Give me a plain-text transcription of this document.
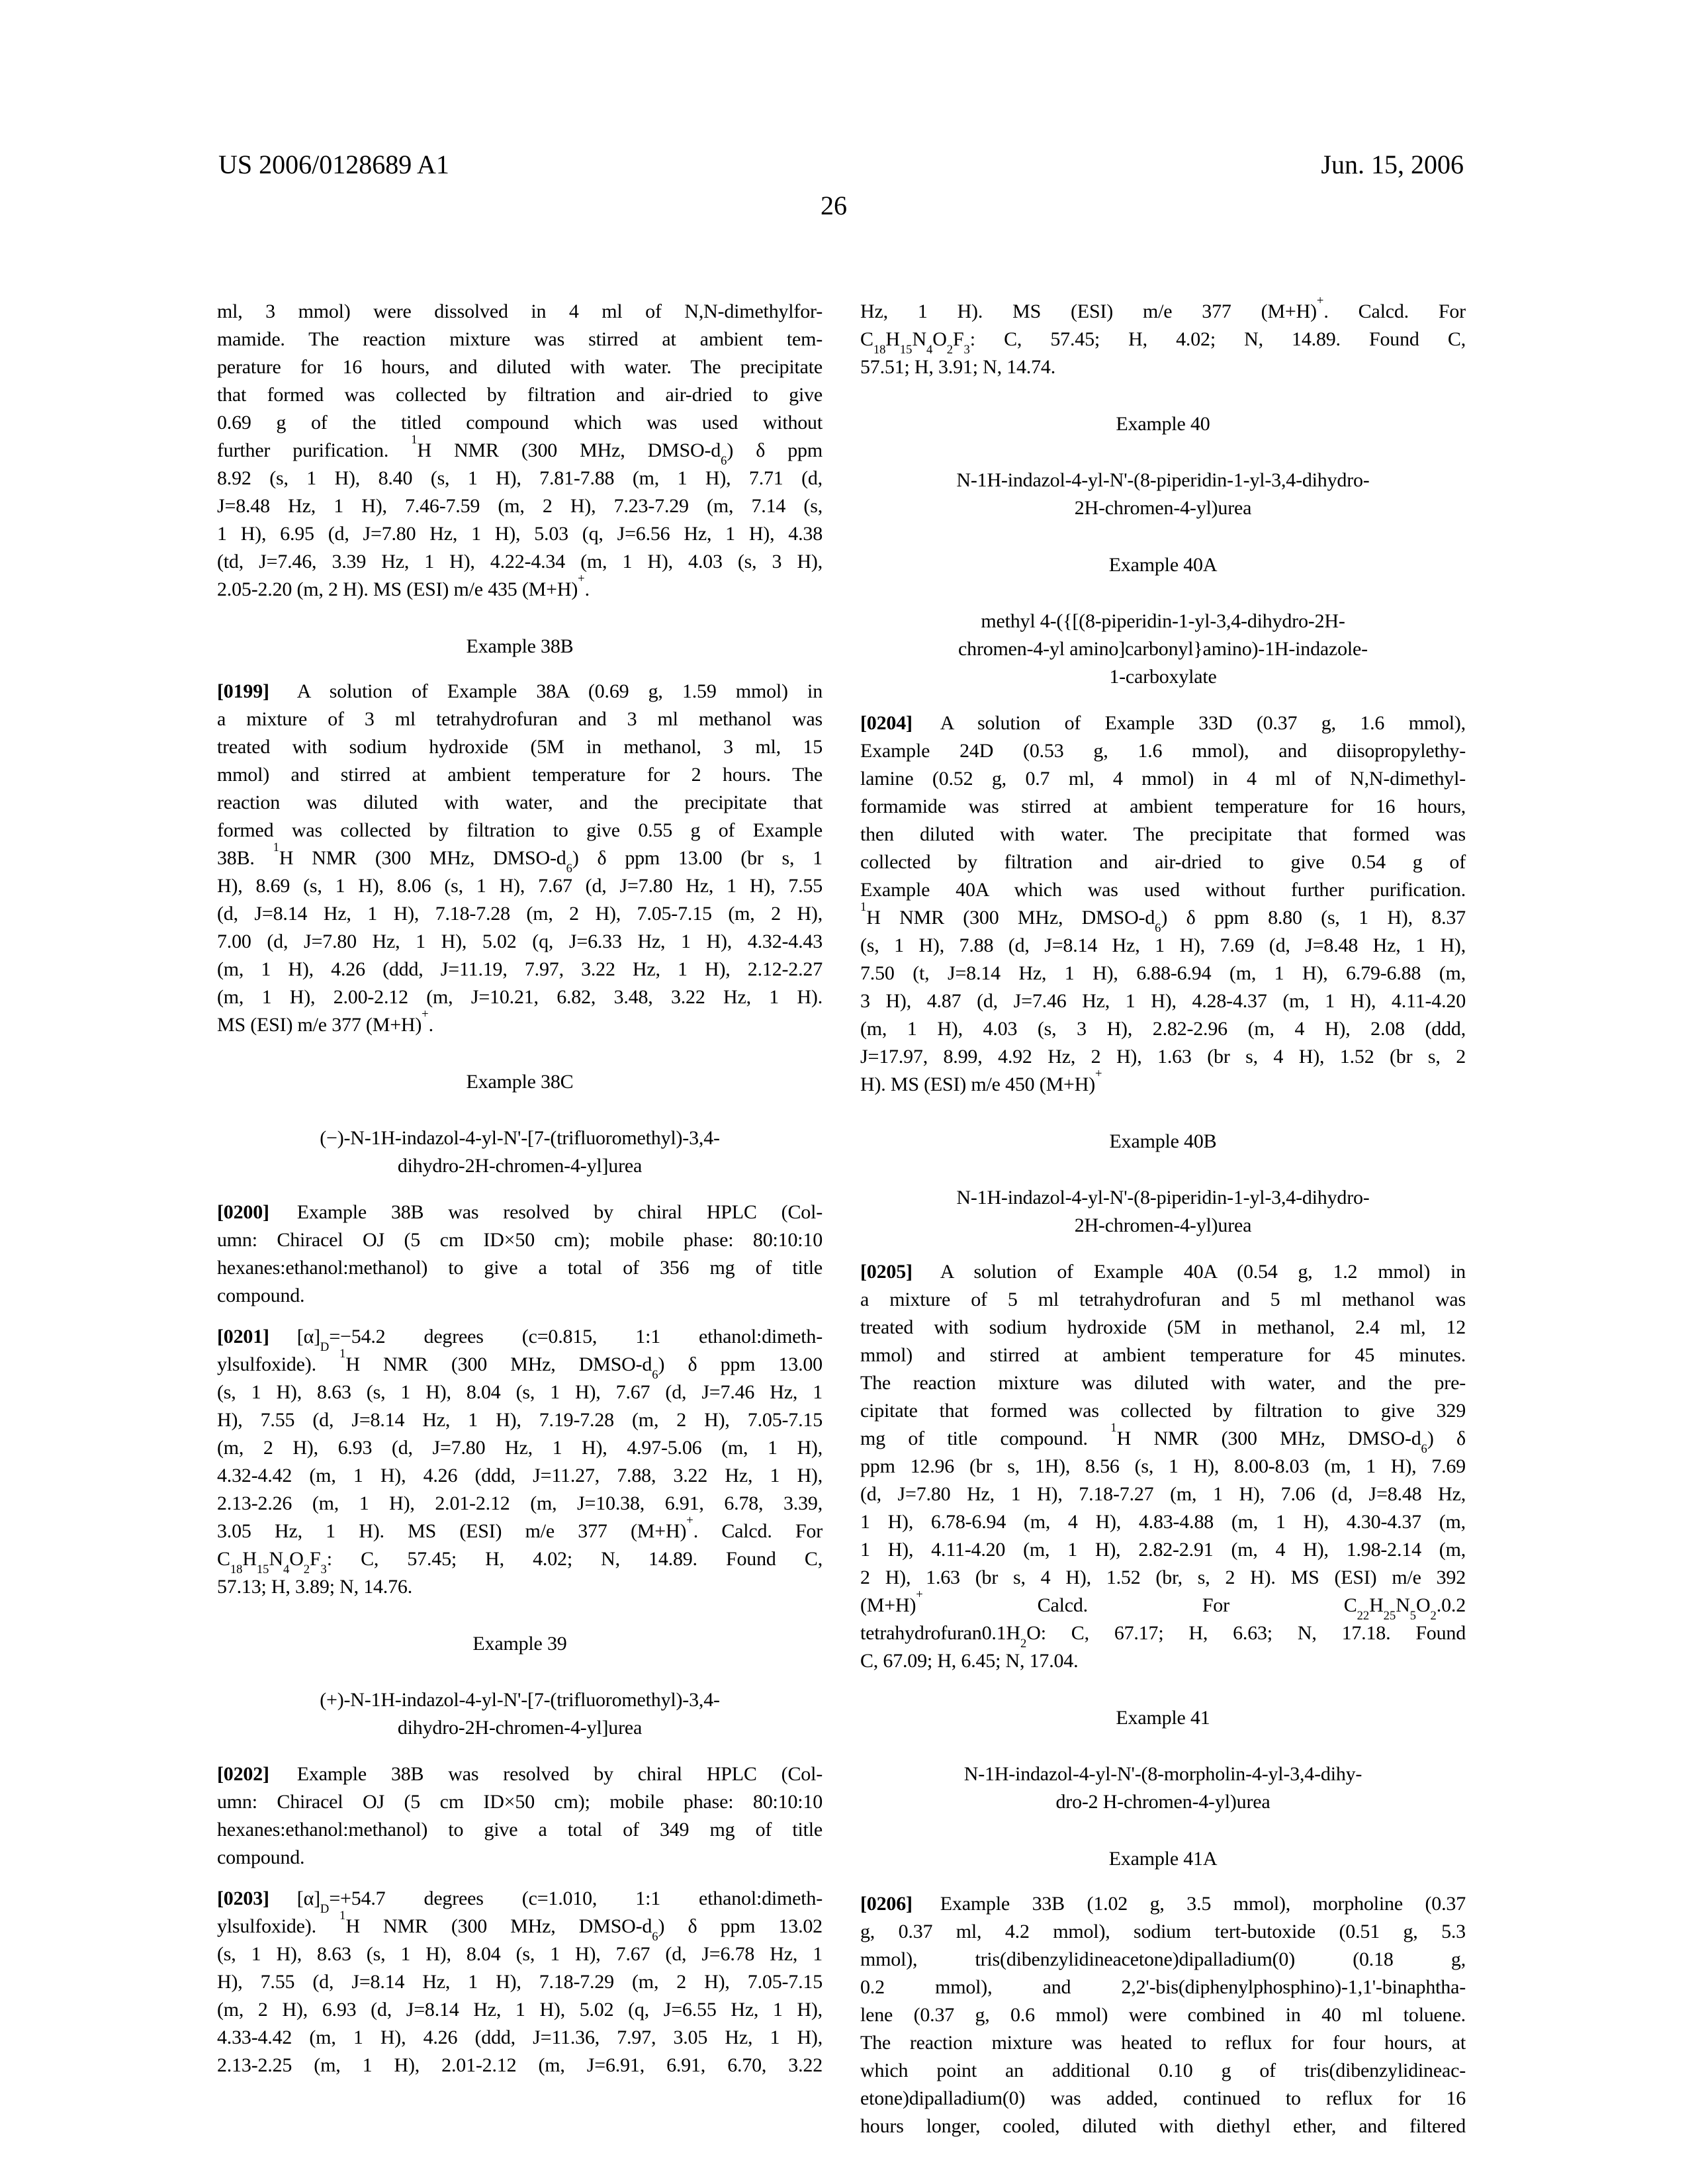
US 2006/0128689 A1	Jun. 15, 2006
26
ml, 3 mmol) were dissolved in 4 ml of N,N-dimethylfor-
mamide. The reaction mixture was stirred at ambient tem-
perature for 16 hours, and diluted with water. The precipitate
that formed was collected by filtration and air-dried to give
0.69 g of the titled compound which was used without
further purification. $^1$H NMR (300 MHz, DMSO-$d_6$) δ ppm
8.92 (s, 1 H), 8.40 (s, 1 H), 7.81-7.88 (m, 1 H), 7.71 (d,
J=8.48 Hz, 1 H), 7.46-7.59 (m, 2 H), 7.23-7.29 (m, 7.14 (s,
1 H), 6.95 (d, J=7.80 Hz, 1 H), 5.03 (q, J=6.56 Hz, 1 H), 4.38
(td, J=7.46, 3.39 Hz, 1 H), 4.22-4.34 (m, 1 H), 4.03 (s, 3 H),
2.05-2.20 (m, 2 H). MS (ESI) m/e 435 (M+H)+.
Example 38B
[0199] A solution of Example 38A (0.69 g, 1.59 mmol) in
a mixture of 3 ml tetrahydrofuran and 3 ml methanol was
treated with sodium hydroxide (5M in methanol, 3 ml, 15
mmol) and stirred at ambient temperature for 2 hours. The
reaction was diluted with water, and the precipitate that
formed was collected by filtration to give 0.55 g of Example
38B. $^1$H NMR (300 MHz, DMSO-$d_6$) δ ppm 13.00 (br s, 1
H), 8.69 (s, 1 H), 8.06 (s, 1 H), 7.67 (d, J=7.80 Hz, 1 H), 7.55
(d, J=8.14 Hz, 1 H), 7.18-7.28 (m, 2 H), 7.05-7.15 (m, 2 H),
7.00 (d, J=7.80 Hz, 1 H), 5.02 (q, J=6.33 Hz, 1 H), 4.32-4.43
(m, 1 H), 4.26 (ddd, J=11.19, 7.97, 3.22 Hz, 1 H), 2.12-2.27
(m, 1 H), 2.00-2.12 (m, J=10.21, 6.82, 3.48, 3.22 Hz, 1 H).
MS (ESI) m/e 377 (M+H)+.
Example 38C
(−)-N-1H-indazol-4-yl-N'-[7-(trifluoromethyl)-3,4-
dihydro-2H-chromen-4-yl]urea
[0200] Example 38B was resolved by chiral HPLC (Col-
umn: Chiracel OJ (5 cm ID×50 cm); mobile phase: 80:10:10
hexanes:ethanol:methanol) to give a total of 356 mg of title
compound.
[0201] $[\alpha]_D=-54.2$ degrees (c=0.815, 1:1 ethanol:dimeth-
ylsulfoxide). $^1$H NMR (300 MHz, DMSO-$d_6$) δ ppm 13.00
(s, 1 H), 8.63 (s, 1 H), 8.04 (s, 1 H), 7.67 (d, J=7.46 Hz, 1
H), 7.55 (d, J=8.14 Hz, 1 H), 7.19-7.28 (m, 2 H), 7.05-7.15
(m, 2 H), 6.93 (d, J=7.80 Hz, 1 H), 4.97-5.06 (m, 1 H),
4.32-4.42 (m, 1 H), 4.26 (ddd, J=11.27, 7.88, 3.22 Hz, 1 H),
2.13-2.26 (m, 1 H), 2.01-2.12 (m, J=10.38, 6.91, 6.78, 3.39,
3.05 Hz, 1 H). MS (ESI) m/e 377 (M+H)+. Calcd. For
$C_{18}H_{15}N_4O_2F_3$: C, 57.45; H, 4.02; N, 14.89. Found C,
57.13; H, 3.89; N, 14.76.
Example 39
(+)-N-1H-indazol-4-yl-N'-[7-(trifluoromethyl)-3,4-
dihydro-2H-chromen-4-yl]urea
[0202] Example 38B was resolved by chiral HPLC (Col-
umn: Chiracel OJ (5 cm ID×50 cm); mobile phase: 80:10:10
hexanes:ethanol:methanol) to give a total of 349 mg of title
compound.
[0203] $[\alpha]_D=+54.7$ degrees (c=1.010, 1:1 ethanol:dimeth-
ylsulfoxide). $^1$H NMR (300 MHz, DMSO-$d_6$) δ ppm 13.02
(s, 1 H), 8.63 (s, 1 H), 8.04 (s, 1 H), 7.67 (d, J=6.78 Hz, 1
H), 7.55 (d, J=8.14 Hz, 1 H), 7.18-7.29 (m, 2 H), 7.05-7.15
(m, 2 H), 6.93 (d, J=8.14 Hz, 1 H), 5.02 (q, J=6.55 Hz, 1 H),
4.33-4.42 (m, 1 H), 4.26 (ddd, J=11.36, 7.97, 3.05 Hz, 1 H),
2.13-2.25 (m, 1 H), 2.01-2.12 (m, J=6.91, 6.91, 6.70, 3.22
Hz, 1 H). MS (ESI) m/e 377 (M+H)+. Calcd. For
$C_{18}H_{15}N_4O_2F_3$: C, 57.45; H, 4.02; N, 14.89. Found C,
57.51; H, 3.91; N, 14.74.
Example 40
N-1H-indazol-4-yl-N'-(8-piperidin-1-yl-3,4-dihydro-
2H-chromen-4-yl)urea
Example 40A
methyl 4-({[(8-piperidin-1-yl-3,4-dihydro-2H-
chromen-4-yl amino]carbonyl}amino)-1H-indazole-
1-carboxylate
[0204] A solution of Example 33D (0.37 g, 1.6 mmol),
Example 24D (0.53 g, 1.6 mmol), and diisopropylethy-
lamine (0.52 g, 0.7 ml, 4 mmol) in 4 ml of N,N-dimethyl-
formamide was stirred at ambient temperature for 16 hours,
then diluted with water. The precipitate that formed was
collected by filtration and air-dried to give 0.54 g of
Example 40A which was used without further purification.
$^1$H NMR (300 MHz, DMSO-$d_6$) δ ppm 8.80 (s, 1 H), 8.37
(s, 1 H), 7.88 (d, J=8.14 Hz, 1 H), 7.69 (d, J=8.48 Hz, 1 H),
7.50 (t, J=8.14 Hz, 1 H), 6.88-6.94 (m, 1 H), 6.79-6.88 (m,
3 H), 4.87 (d, J=7.46 Hz, 1 H), 4.28-4.37 (m, 1 H), 4.11-4.20
(m, 1 H), 4.03 (s, 3 H), 2.82-2.96 (m, 4 H), 2.08 (ddd,
J=17.97, 8.99, 4.92 Hz, 2 H), 1.63 (br s, 4 H), 1.52 (br s, 2
H). MS (ESI) m/e 450 (M+H)+
Example 40B
N-1H-indazol-4-yl-N'-(8-piperidin-1-yl-3,4-dihydro-
2H-chromen-4-yl)urea
[0205] A solution of Example 40A (0.54 g, 1.2 mmol) in
a mixture of 5 ml tetrahydrofuran and 5 ml methanol was
treated with sodium hydroxide (5M in methanol, 2.4 ml, 12
mmol) and stirred at ambient temperature for 45 minutes.
The reaction mixture was diluted with water, and the pre-
cipitate that formed was collected by filtration to give 329
mg of title compound. $^1$H NMR (300 MHz, DMSO-$d_6$) δ
ppm 12.96 (br s, 1H), 8.56 (s, 1 H), 8.00-8.03 (m, 1 H), 7.69
(d, J=7.80 Hz, 1 H), 7.18-7.27 (m, 1 H), 7.06 (d, J=8.48 Hz,
1 H), 6.78-6.94 (m, 4 H), 4.83-4.88 (m, 1 H), 4.30-4.37 (m,
1 H), 4.11-4.20 (m, 1 H), 2.82-2.91 (m, 4 H), 1.98-2.14 (m,
2 H), 1.63 (br s, 4 H), 1.52 (br, s, 2 H). MS (ESI) m/e 392
(M+H)+ Calcd. For $C_{22}H_{25}N_5O_2.0.2$
$tetrahydrofuran0.1H_2O$: C, 67.17; H, 6.63; N, 17.18. Found
C, 67.09; H, 6.45; N, 17.04.
Example 41
N-1H-indazol-4-yl-N'-(8-morpholin-4-yl-3,4-dihy-
dro-2 H-chromen-4-yl)urea
Example 41A
[0206] Example 33B (1.02 g, 3.5 mmol), morpholine (0.37
g, 0.37 ml, 4.2 mmol), sodium tert-butoxide (0.51 g, 5.3
mmol), tris(dibenzylidineacetone)dipalladium(0) (0.18 g,
0.2 mmol), and 2,2'-bis(diphenylphosphino)-1,1'-binaphtha-
lene (0.37 g, 0.6 mmol) were combined in 40 ml toluene.
The reaction mixture was heated to reflux for four hours, at
which point an additional 0.10 g of tris(dibenzylidineac-
etone)dipalladium(0) was added, continued to reflux for 16
hours longer, cooled, diluted with diethyl ether, and filtered
